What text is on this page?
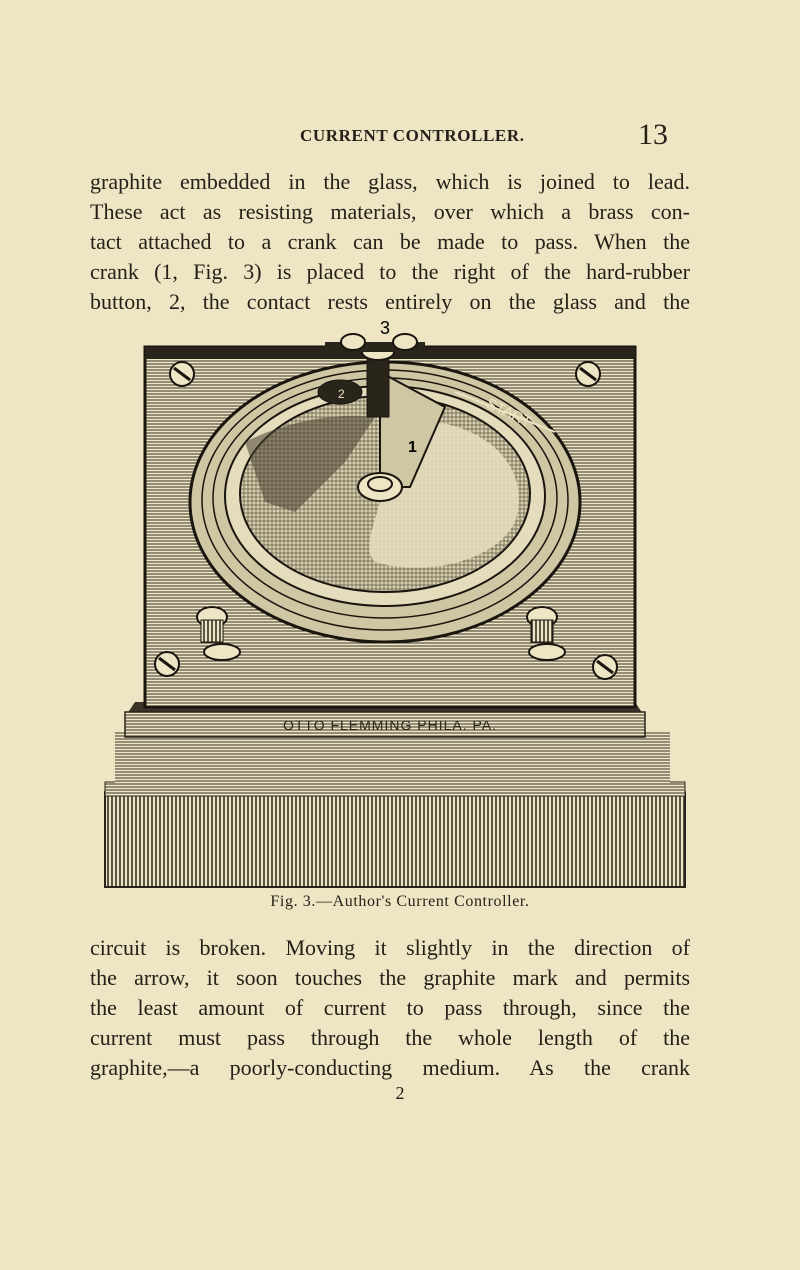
CURRENT CONTROLLER.	13
graphite embedded in the glass, which is joined to lead.
These act as resisting materials, over which a brass con-
tact attached to a crank can be made to pass. When the
crank (1, Fig. 3) is placed to the right of the hard-rubber
button, 2, the contact rests entirely on the glass and the
3
OTTO FLEMMING PHILA. PA.
1
2
Fig. 3.—Author's Current Controller.
circuit is broken. Moving it slightly in the direction of
the arrow, it soon touches the graphite mark and permits
the least amount of current to pass through, since the
current must pass through the whole length of the
graphite,—a poorly-conducting medium. As the crank
2
